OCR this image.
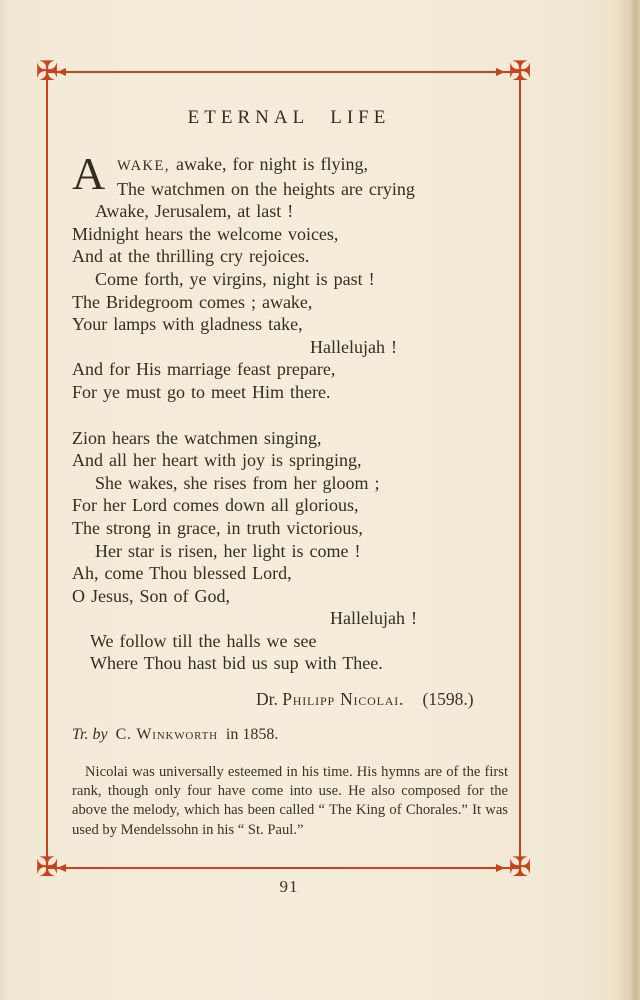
✠	✠
✠	✠
ETERNAL LIFE
A WAKE, awake, for night is flying,
The watchmen on the heights are crying
Awake, Jerusalem, at last !
Midnight hears the welcome voices,
And at the thrilling cry rejoices.
Come forth, ye virgins, night is past !
The Bridegroom comes ; awake,
Your lamps with gladness take,
Hallelujah !
And for His marriage feast prepare,
For ye must go to meet Him there.
Zion hears the watchmen singing,
And all her heart with joy is springing,
She wakes, she rises from her gloom ;
For her Lord comes down all glorious,
The strong in grace, in truth victorious,
Her star is risen, her light is come !
Ah, come Thou blessed Lord,
O Jesus, Son of God,
Hallelujah !
We follow till the halls we see
Where Thou hast bid us sup with Thee.
Dr. Philipp Nicolai. (1598.)
Tr. by C. Winkworth in 1858.
Nicolai was universally esteemed in his time. His hymns are of the first rank, though only four have come into use. He also composed for the above the melody, which has been called “ The King of Chorales.” It was used by Mendelssohn in his “ St. Paul.”
91
